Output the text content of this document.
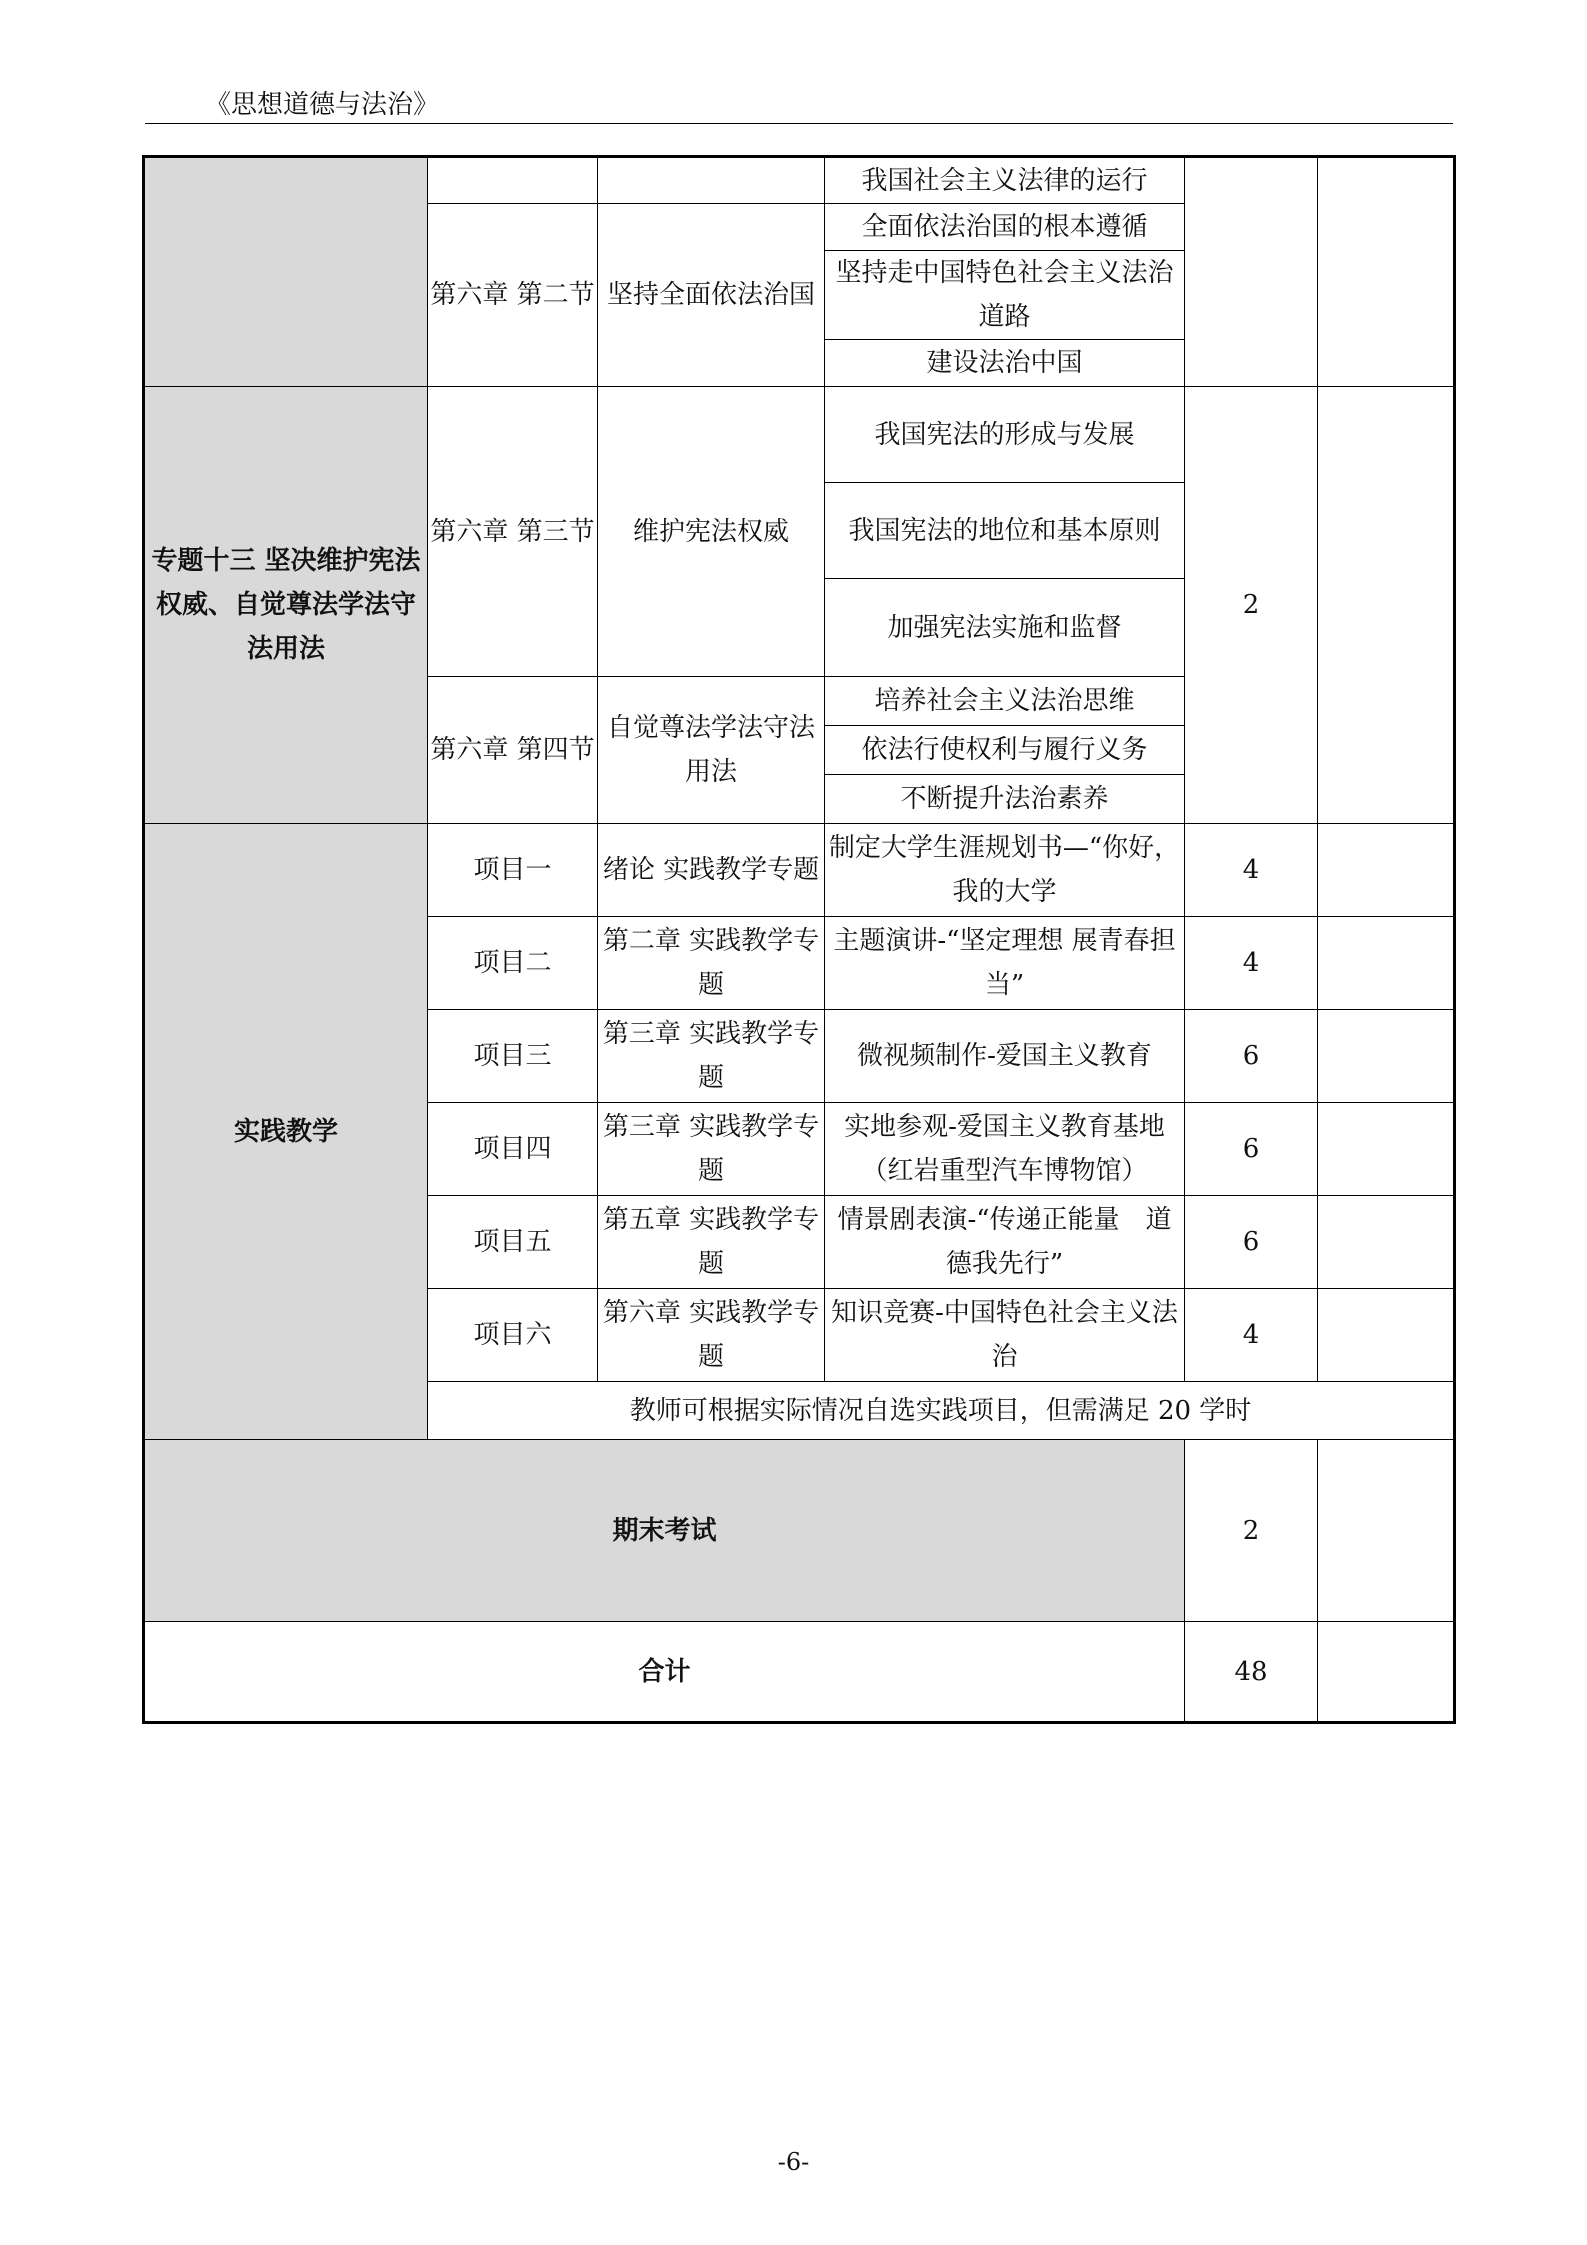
《思想道德与法治》
			我国社会主义法律的运行		
	第六章 第二节	坚持全面依法治国	全面依法治国的根本遵循		
			坚持走中国特色社会主义法治道路		

			建设法治中国		
专题十三 坚决维护宪法权威、自觉尊法学法守法用法	第六章 第三节	维护宪法权威	我国宪法的形成与发展	2	
			我国宪法的地位和基本原则		
			加强宪法实施和监督		
	第六章 第四节	自觉尊法学法守法用法	培养社会主义法治思维		
			依法行使权利与履行义务		
			不断提升法治素养		
实践教学	项目一	绪论 实践教学专题	制定大学生涯规划书—“你好，我的大学	4	
	项目二	第二章 实践教学专题	主题演讲-“坚定理想 展青春担当”	4	
	项目三	第三章 实践教学专题	微视频制作-爱国主义教育	6	
	项目四	第三章 实践教学专题	实地参观-爱国主义教育基地（红岩重型汽车博物馆）	6	
	项目五	第五章 实践教学专题	情景剧表演-“传递正能量　道德我先行”	6	
	项目六	第六章 实践教学专题	知识竞赛-中国特色社会主义法治	4	
	教师可根据实际情况自选实践项目，但需满足 20 学时				
期末考试				2	
合计				48	
-6-
